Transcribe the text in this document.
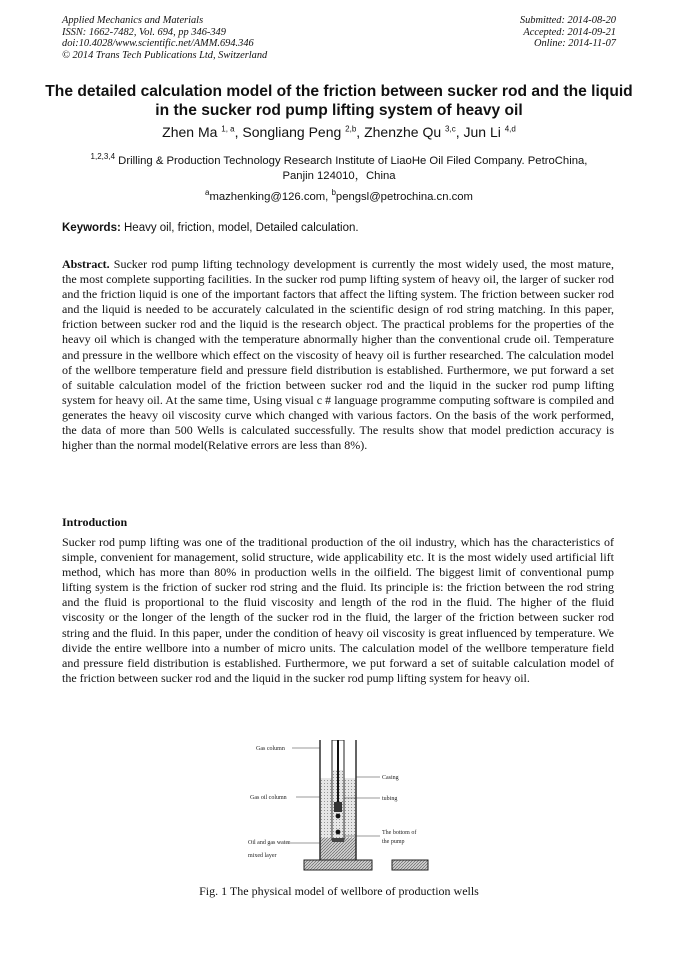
Applied Mechanics and Materials
ISSN: 1662-7482, Vol. 694, pp 346-349
doi:10.4028/www.scientific.net/AMM.694.346
© 2014 Trans Tech Publications Ltd, Switzerland
Submitted: 2014-08-20
Accepted: 2014-09-21
Online: 2014-11-07
The detailed calculation model of the friction between sucker rod and the liquid in the sucker rod pump lifting system of heavy oil
Zhen Ma $^{1, a}$, Songliang Peng $^{2,b}$, Zhenzhe Qu $^{3,c}$, Jun Li $^{4,d}$
$^{1,2,3,4}$ Drilling & Production Technology Research Institute of LiaoHe Oil Filed Company. PetroChina,
Panjin 124010，China
$^a$mazhenking@126.com, $^b$pengsl@petrochina.cn.com
Keywords: Heavy oil, friction, model, Detailed calculation.
Abstract. Sucker rod pump lifting technology development is currently the most widely used, the most mature, the most complete supporting facilities. In the sucker rod pump lifting system of heavy oil, the larger of sucker rod and the friction liquid is one of the important factors that affect the lifting system. The friction between sucker rod and the liquid is needed to be accurately calculated in the scientific design of rod string matching. In this paper, friction between sucker rod and the liquid is the research object. The practical problems for the properties of the heavy oil which is changed with the temperature abnormally higher than the conventional crude oil. Temperature and pressure in the wellbore which effect on the viscosity of heavy oil is further researched. The calculation model of the wellbore temperature field and pressure field distribution is established. Furthermore, we put forward a set of suitable calculation model of the friction between sucker rod and the liquid in the sucker rod pump lifting system for heavy oil. At the same time, Using visual c # language programme computing software is compiled and generates the heavy oil viscosity curve which changed with various factors. On the basis of the work performed, the data of more than 500 Wells is calculated successfully. The results show that model prediction accuracy is higher than the normal model(Relative errors are less than 8%).
Introduction
Sucker rod pump lifting was one of the traditional production of the oil industry, which has the characteristics of simple, convenient for management, solid structure, wide applicability etc. It is the most widely used artificial lift method, which has more than 80% in production wells in the oilfield. The biggest limit of conventional pump lifting system is the friction of sucker rod string and the fluid. Its principle is: the friction between the rod string and the fluid is proportional to the fluid viscosity and length of the rod in the fluid. The higher of the fluid viscosity or the longer of the length of the sucker rod in the fluid, the larger of the friction between sucker rod string and the fluid. In this paper, under the condition of heavy oil viscosity is great influenced by temperature. We divide the entire wellbore into a number of micro units. The calculation model of the wellbore temperature field and pressure field distribution is established. Furthermore, we put forward a set of suitable calculation model of the friction between sucker rod and the liquid in the sucker rod pump lifting system for heavy oil.
Gas column
Gas oil column
Oil and gas water
mixed layer
Casing
tubing
The bottom of
the pump
Fig. 1 The physical model of wellbore of production wells
